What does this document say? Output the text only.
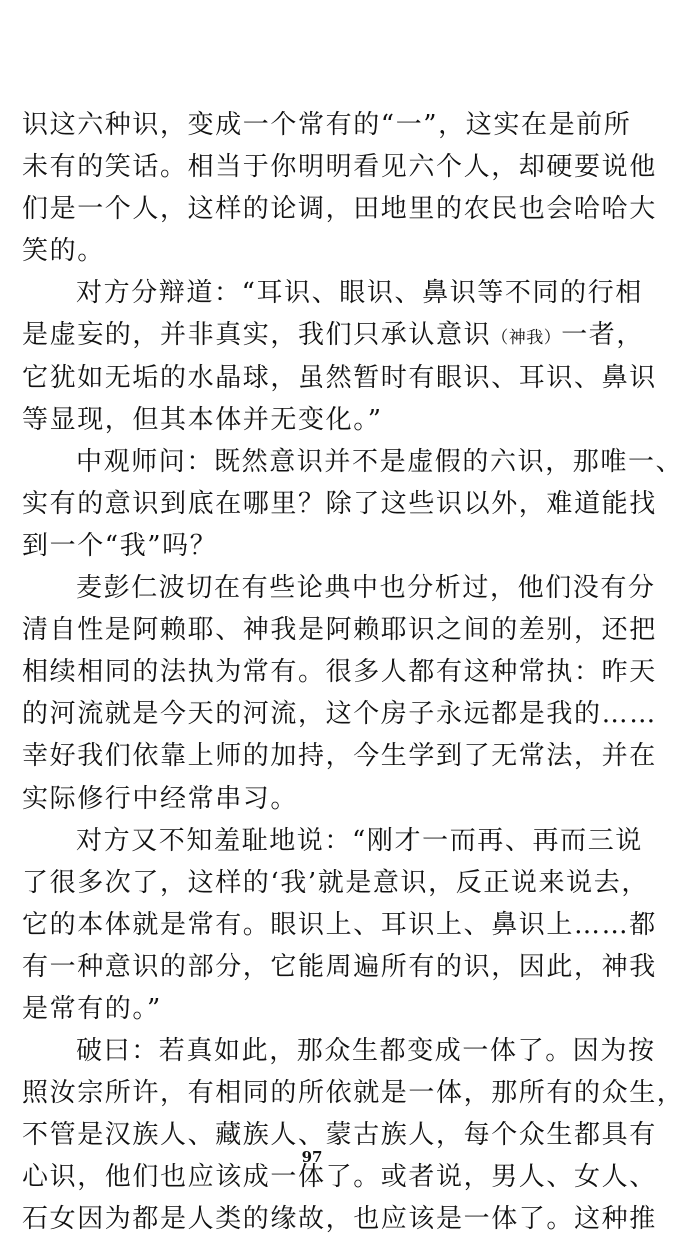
识这六种识，变成一个常有的“一”，这实在是前所
未有的笑话。相当于你明明看见六个人，却硬要说他
们是一个人，这样的论调，田地里的农民也会哈哈大
笑的。
对方分辩道：“耳识、眼识、鼻识等不同的行相
是虚妄的，并非真实，我们只承认意识（神我）一者，
它犹如无垢的水晶球，虽然暂时有眼识、耳识、鼻识
等显现，但其本体并无变化。”
中观师问：既然意识并不是虚假的六识，那唯一、
实有的意识到底在哪里？除了这些识以外，难道能找
到一个“我”吗？
麦彭仁波切在有些论典中也分析过，他们没有分
清自性是阿赖耶、神我是阿赖耶识之间的差别，还把
相续相同的法执为常有。很多人都有这种常执：昨天
的河流就是今天的河流，这个房子永远都是我的……
幸好我们依靠上师的加持，今生学到了无常法，并在
实际修行中经常串习。
对方又不知羞耻地说：“刚才一而再、再而三说
了很多次了，这样的‘我’就是意识，反正说来说去，
它的本体就是常有。眼识上、耳识上、鼻识上……都
有一种意识的部分，它能周遍所有的识，因此，神我
是常有的。”
破曰：若真如此，那众生都变成一体了。因为按
照汝宗所许，有相同的所依就是一体，那所有的众生，
不管是汉族人、藏族人、蒙古族人，每个众生都具有
心识，他们也应该成一体了。或者说，男人、女人、
石女因为都是人类的缘故，也应该是一体了。这种推
97
